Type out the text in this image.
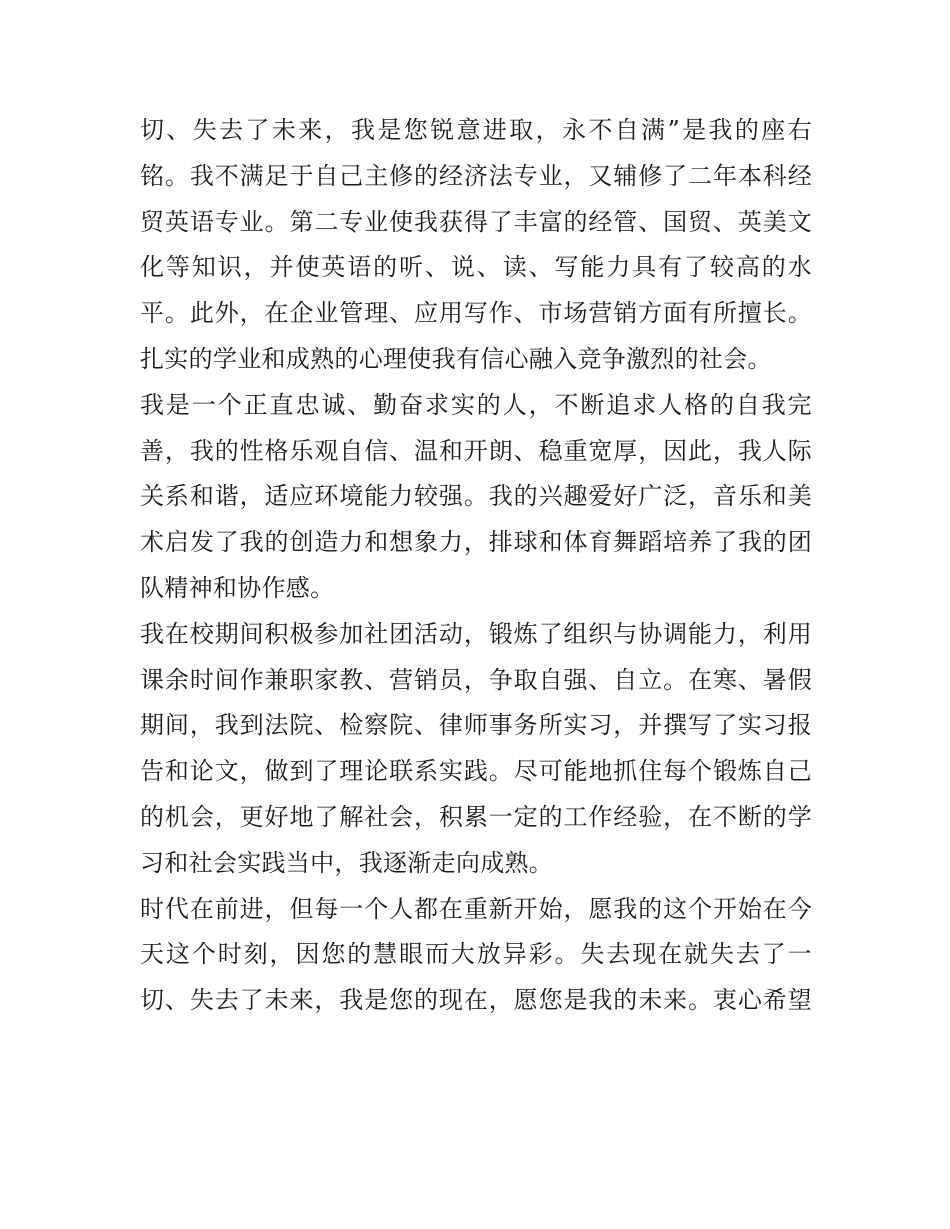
切、失去了未来，我是您锐意进取，永不自满”是我的座右
铭。我不满足于自己主修的经济法专业，又辅修了二年本科经
贸英语专业。第二专业使我获得了丰富的经管、国贸、英美文
化等知识，并使英语的听、说、读、写能力具有了较高的水
平。此外，在企业管理、应用写作、市场营销方面有所擅长。
扎实的学业和成熟的心理使我有信心融入竞争激烈的社会。
我是一个正直忠诚、勤奋求实的人，不断追求人格的自我完
善，我的性格乐观自信、温和开朗、稳重宽厚，因此，我人际
关系和谐，适应环境能力较强。我的兴趣爱好广泛，音乐和美
术启发了我的创造力和想象力，排球和体育舞蹈培养了我的团
队精神和协作感。
我在校期间积极参加社团活动，锻炼了组织与协调能力，利用
课余时间作兼职家教、营销员，争取自强、自立。在寒、暑假
期间，我到法院、检察院、律师事务所实习，并撰写了实习报
告和论文，做到了理论联系实践。尽可能地抓住每个锻炼自己
的机会，更好地了解社会，积累一定的工作经验，在不断的学
习和社会实践当中，我逐渐走向成熟。
时代在前进，但每一个人都在重新开始，愿我的这个开始在今
天这个时刻，因您的慧眼而大放异彩。失去现在就失去了一
切、失去了未来，我是您的现在，愿您是我的未来。衷心希望
